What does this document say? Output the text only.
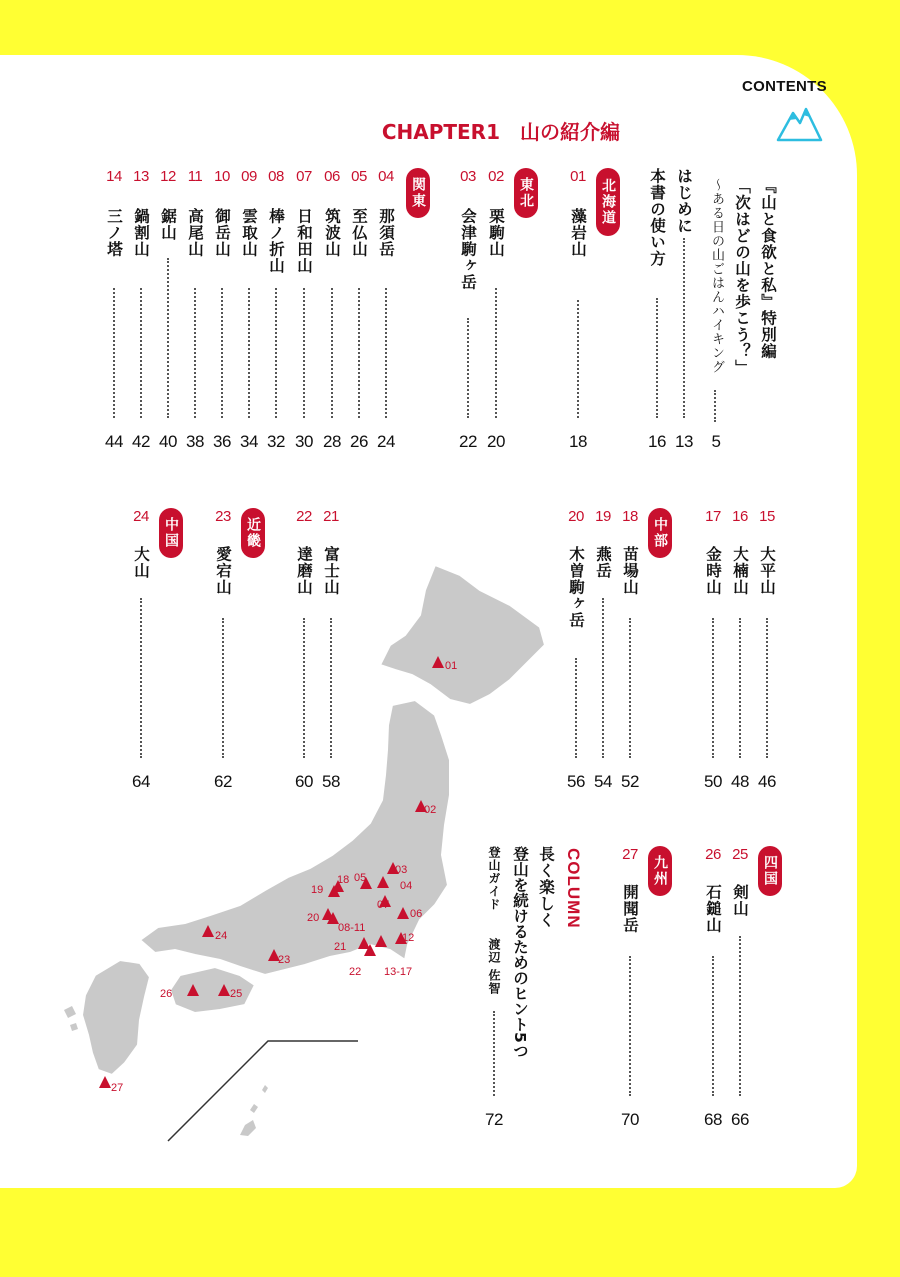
CONTENTS
CHAPTER1　山の紹介編
01
藻岩山
18
02
栗駒山
20
03
会津駒ヶ岳
22
04
那須岳
24
05
至仏山
26
06
筑波山
28
07
日和田山
30
08
棒ノ折山
32
09
雲取山
34
10
御岳山
36
11
高尾山
38
12
鋸山
40
13
鍋割山
42
14
三ノ塔
44
15
大平山
46
16
大楠山
48
17
金時山
50
18
苗場山
52
19
燕岳
54
20
木曽駒ヶ岳
56
21
富士山
58
22
達磨山
60
23
愛宕山
62
24
大山
64
25
剣山
66
26
石鎚山
68
27
開聞岳
70
北海道
東北
関東
中部
近畿
中国
四国
九州
『山と食欲と私』特別編
「次はどの山を歩こう？」
〜ある日の山ごはんハイキング
5
はじめに
13
本書の使い方
16
長く楽しく
登山を続けるためのヒント5つ
登山ガイド
渡辺 佐智
72
01
02
03
04
05
06
07
08-11
12
13-17
18
19
20
21
22
23
24
25
26
27
COLUMN
